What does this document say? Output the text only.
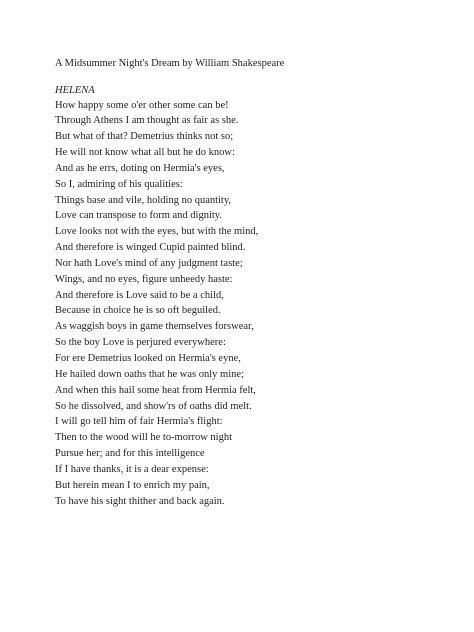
A Midsummer Night's Dream by William Shakespeare
HELENA
How happy some o'er other some can be!
Through Athens I am thought as fair as she.
But what of that? Demetrius thinks not so;
He will not know what all but he do know:
And as he errs, doting on Hermia's eyes,
So I, admiring of his qualities:
Things base and vile, holding no quantity,
Love can transpose to form and dignity.
Love looks not with the eyes, but with the mind,
And therefore is winged Cupid painted blind.
Nor hath Love's mind of any judgment taste;
Wings, and no eyes, figure unheedy haste:
And therefore is Love said to be a child,
Because in choice he is so oft beguiled.
As waggish boys in game themselves forswear,
So the boy Love is perjured everywhere:
For ere Demetrius looked on Hermia's eyne,
He hailed down oaths that he was only mine;
And when this hail some heat from Hermia felt,
So he dissolved, and show'rs of oaths did melt.
I will go tell him of fair Hermia's flight:
Then to the wood will he to-morrow night
Pursue her; and for this intelligence
If I have thanks, it is a dear expense:
But herein mean I to enrich my pain,
To have his sight thither and back again.
